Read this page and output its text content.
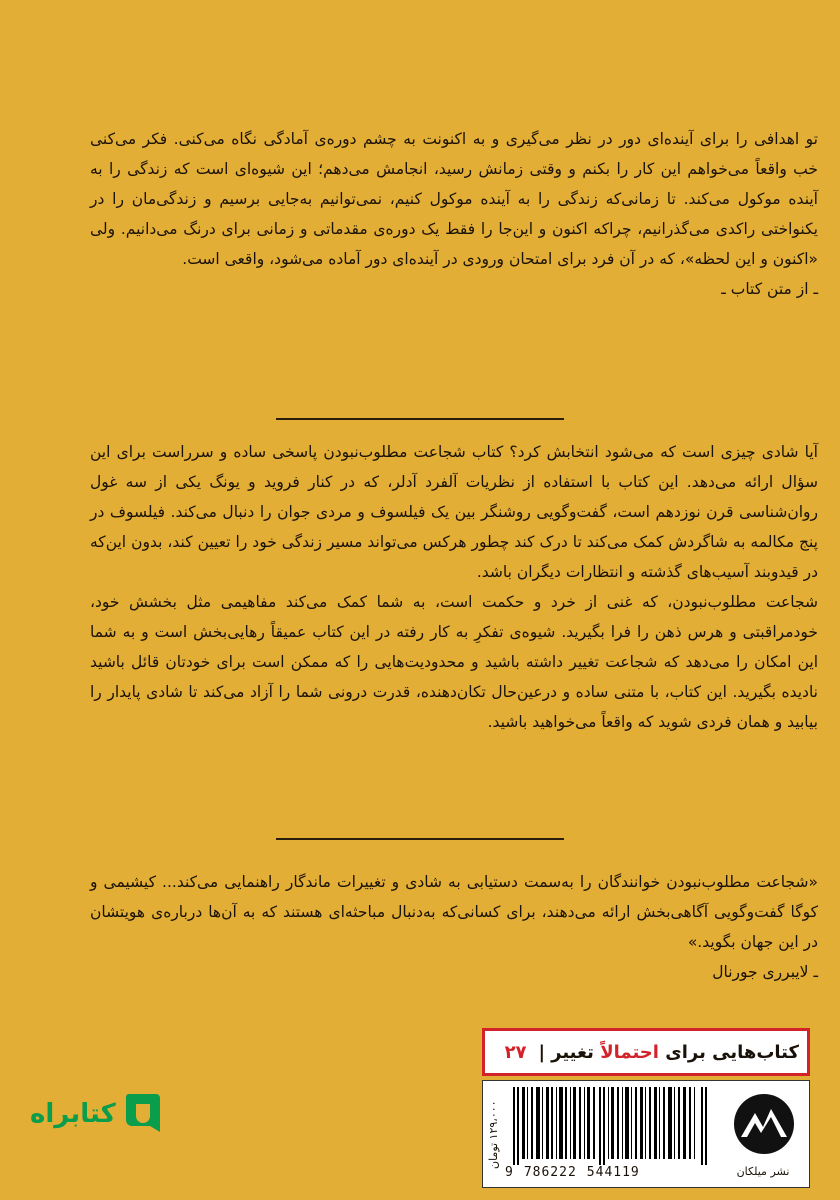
تو اهدافی را برای آینده‌ای دور در نظر می‌گیری و به اکنونت به چشم دوره‌ی آمادگی نگاه می‌کنی. فکر می‌کنی خب واقعاً می‌خواهم این کار را بکنم و وقتی زمانش رسید، انجامش می‌دهم؛ این شیوه‌ای است که زندگی را به آینده موکول می‌کند. تا زمانی‌که زندگی را به آینده موکول کنیم، نمی‌توانیم به‌جایی برسیم و زندگی‌مان را در یکنواختی راکدی می‌گذرانیم، چراکه اکنون و این‌جا را فقط یک دوره‌ی مقدماتی و زمانی برای درنگ می‌دانیم. ولی «اکنون و این لحظه»، که در آن فرد برای امتحان ورودی در آینده‌ای دور آماده می‌شود، واقعی است.

ـ از متن کتاب ـ

آیا شادی چیزی است که می‌شود انتخابش کرد؟ کتاب شجاعت مطلوب‌نبودن پاسخی ساده و سرراست برای این سؤال ارائه می‌دهد. این کتاب با استفاده از نظریات آلفرد آدلر، که در کنار فروید و یونگ یکی از سه غول روان‌شناسی قرن نوزدهم است، گفت‌وگویی روشنگر بین یک فیلسوف و مردی جوان را دنبال می‌کند. فیلسوف در پنج مکالمه به شاگردش کمک می‌کند تا درک کند چطور هرکس می‌تواند مسیر زندگی خود را تعیین کند، بدون این‌که در قیدوبند آسیب‌های گذشته و انتظارات دیگران باشد.

شجاعت مطلوب‌نبودن، که غنی از خرد و حکمت است، به شما کمک می‌کند مفاهیمی مثل بخشش خود، خودمراقبتی و هرس ذهن را فرا بگیرید. شیوه‌ی تفکرِ به کار رفته در این کتاب عمیقاً رهایی‌بخش است و به شما این امکان را می‌دهد که شجاعت تغییر داشته باشید و محدودیت‌هایی را که ممکن است برای خودتان قائل باشید نادیده بگیرید. این کتاب، با متنی ساده و درعین‌حال تکان‌دهنده، قدرت درونی شما را آزاد می‌کند تا شادی پایدار را بیابید و همان فردی شوید که واقعاً می‌خواهید باشید.

«شجاعت مطلوب‌نبودن خوانندگان را به‌سمت دستیابی به شادی و تغییرات ماندگار راهنمایی می‌کند... کیشیمی و کوگا گفت‌وگویی آگاهی‌بخش ارائه می‌دهند، برای کسانی‌که به‌دنبال مباحثه‌ای هستند که به آن‌ها درباره‌ی هویتشان در این جهان بگوید.»

ـ لایبرری جورنال

کتاب‌هایی برای

احتمالاً

تغییر
|
۲۷
۱۲۹،۰۰۰ تومان
9 786222 544119	نشر میلکان
کتابراه
